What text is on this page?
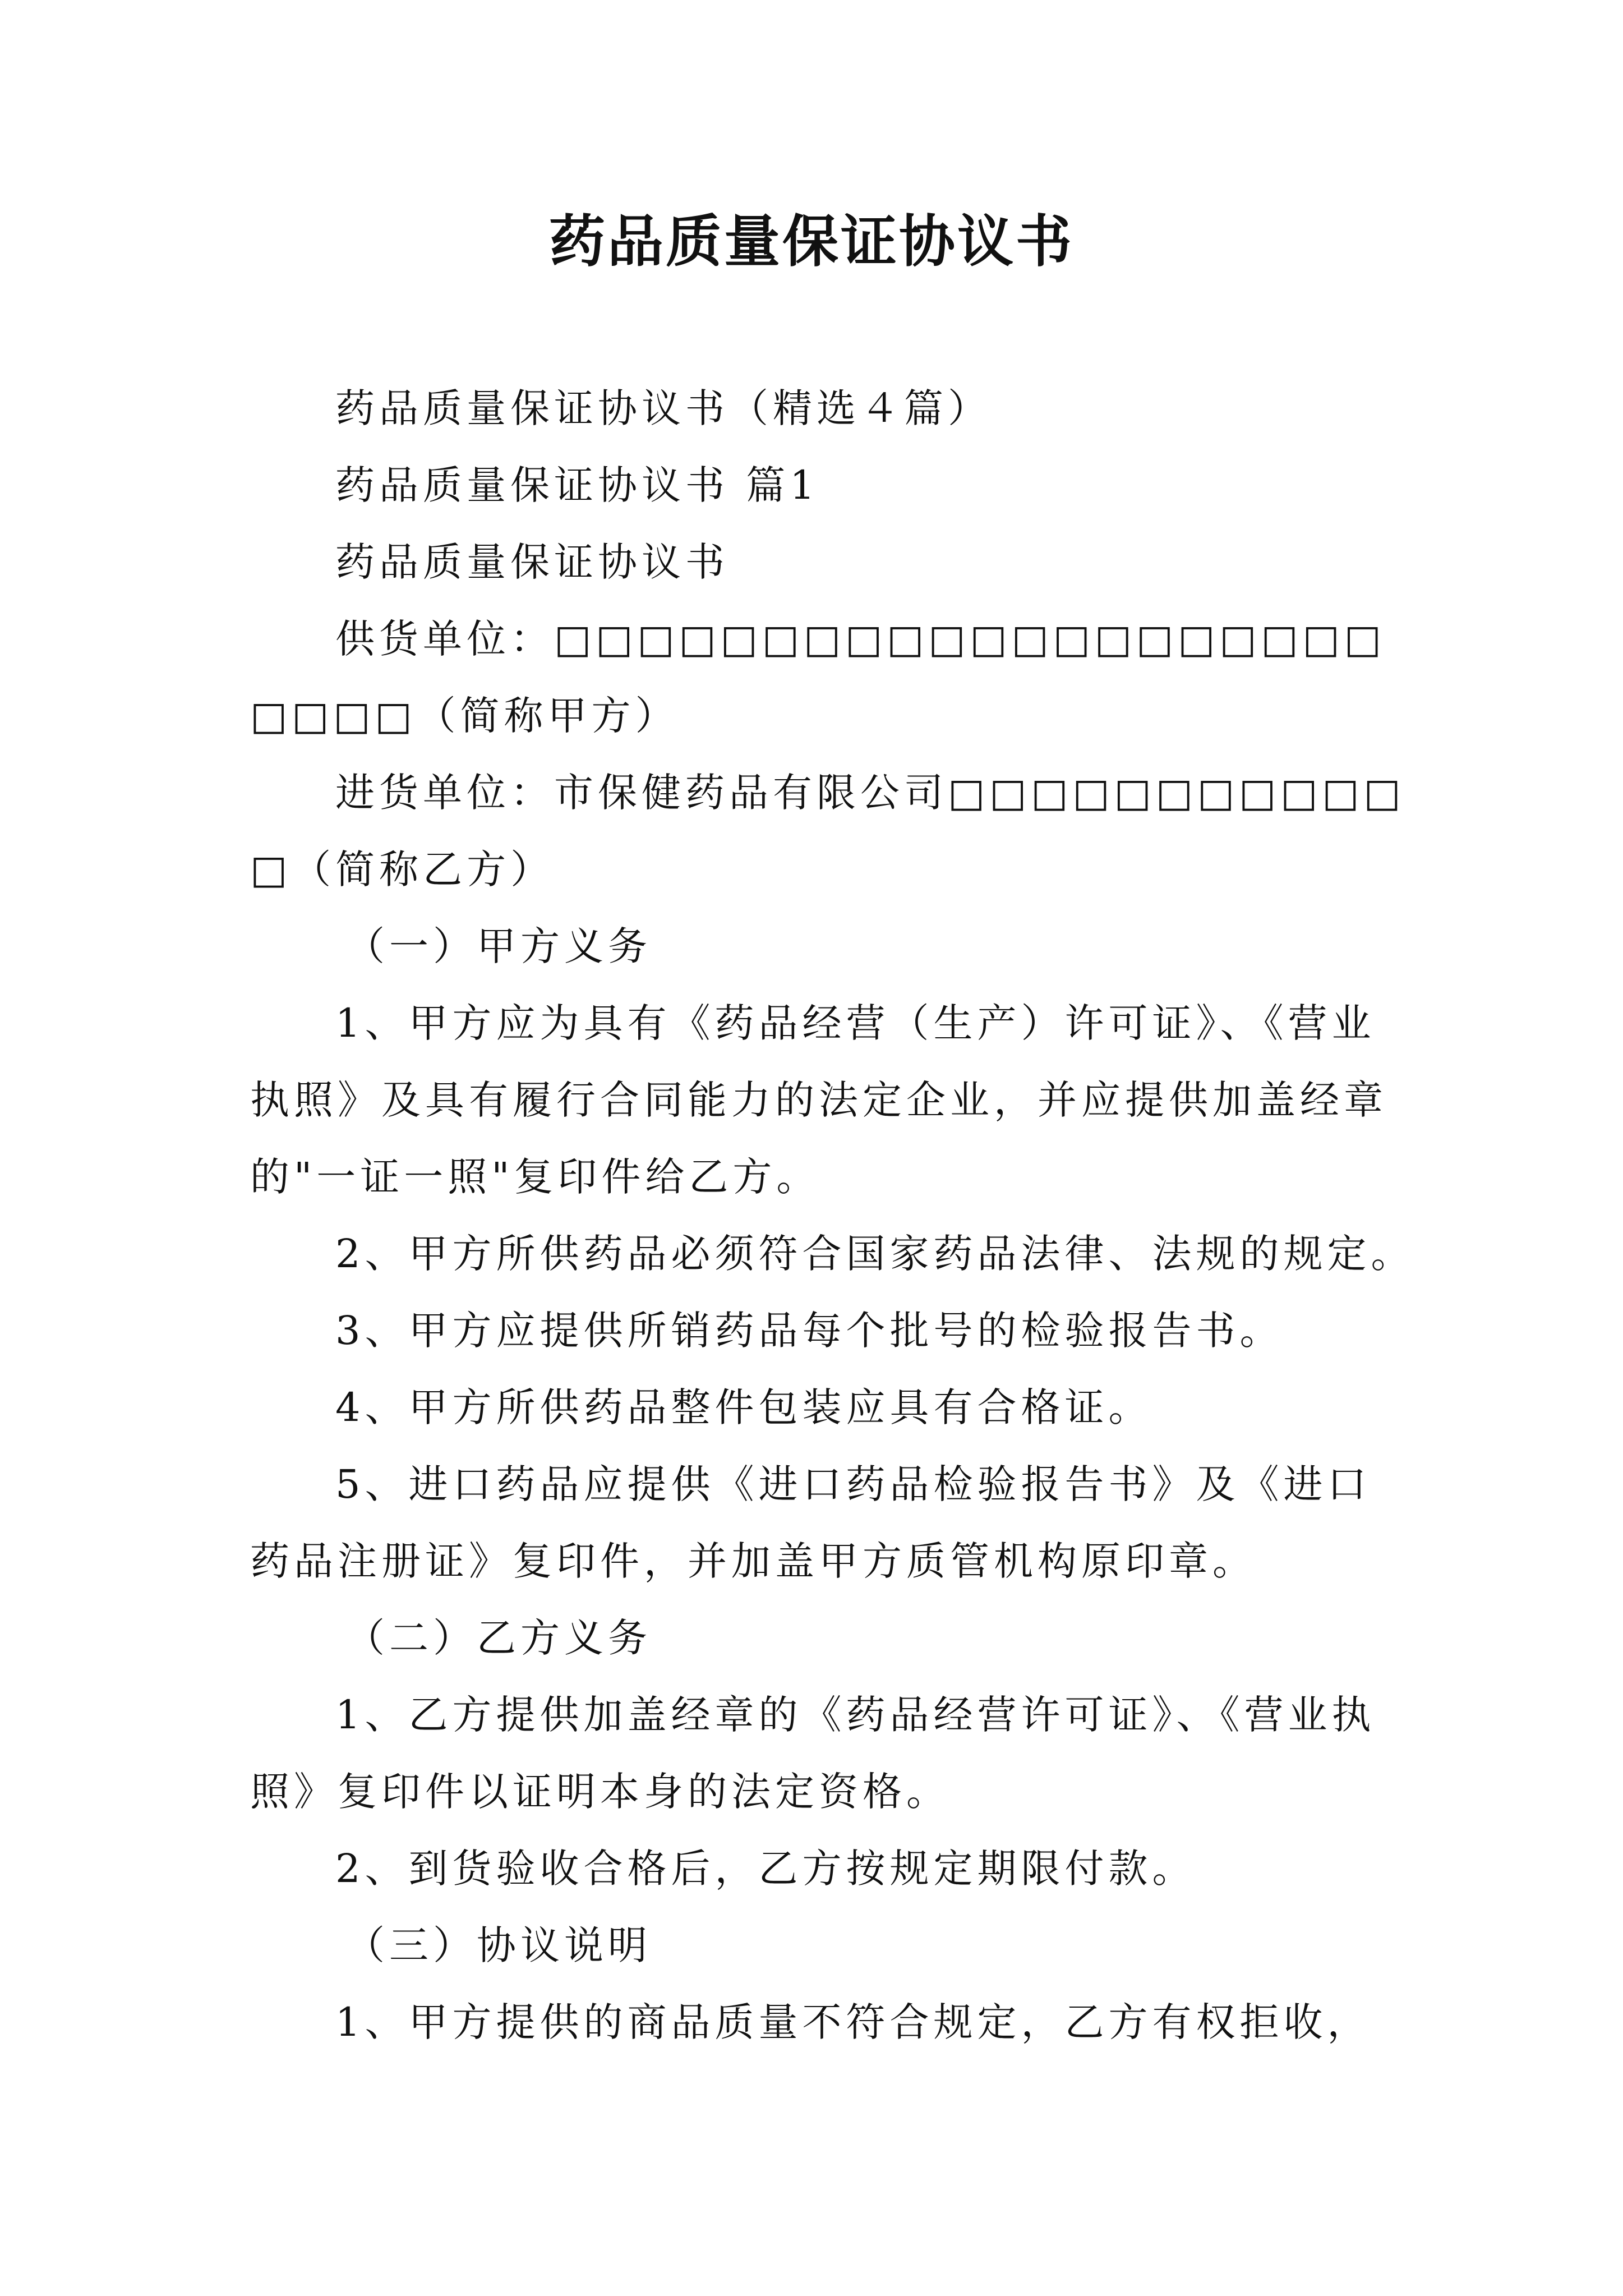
药品质量保证协议书
药品质量保证协议书（精选４篇）
药品质量保证协议书 篇1
药品质量保证协议书
供货单位：□□□□□□□□□□□□□□□□□□□□
□□□□（简称甲方）
进货单位：市保健药品有限公司□□□□□□□□□□□
□（简称乙方）
（一）甲方义务
1、甲方应为具有《药品经营（生产）许可证》、《营业
执照》及具有履行合同能力的法定企业，并应提供加盖经章
的"一证一照"复印件给乙方。
2、甲方所供药品必须符合国家药品法律、法规的规定。
3、甲方应提供所销药品每个批号的检验报告书。
4、甲方所供药品整件包装应具有合格证。
5、进口药品应提供《进口药品检验报告书》及《进口
药品注册证》复印件，并加盖甲方质管机构原印章。
（二）乙方义务
1、乙方提供加盖经章的《药品经营许可证》、《营业执
照》复印件以证明本身的法定资格。
2、到货验收合格后，乙方按规定期限付款。
（三）协议说明
1、甲方提供的商品质量不符合规定，乙方有权拒收，
